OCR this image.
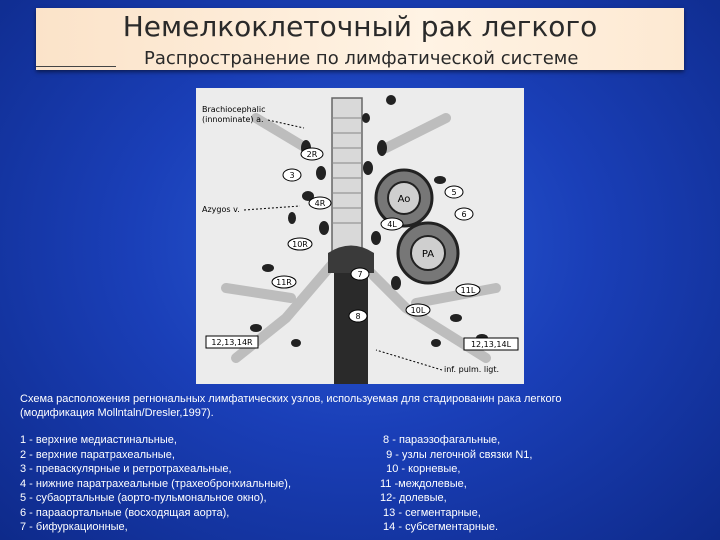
Немелкоклеточный рак легкого
Распространение по лимфатической системе
Ao
PA
2R
3
4R
10R
11R
12,13,14R
7
8
5
6
4L
10L
11L
12,13,14L
Brachiocephalic
(innominate) a.
Azygos v.
inf. pulm. ligt.
Схема расположения регнональных лимфатических узлов, используемая для стадированин рака легкого
(модификация Mollntaln/Dresler,1997).
1 - верхние медиастинальные,
2 - верхние паратрахеальные,
3 - преваскулярные и ретротрахеальные,
4 - нижние паратрахеальные (трахеобронхиальные),
5 - субаортальные (аорто-пульмональное окно),
6 - парааортальные (восходящая аорта),
7 - бифуркационные,
8 - параэзофагальные,
9 - узлы легочной связки N1,
10 - корневые,
11 -междолевые,
12- долевые,
13 - сегментарные,
14 - субсегментарные.
